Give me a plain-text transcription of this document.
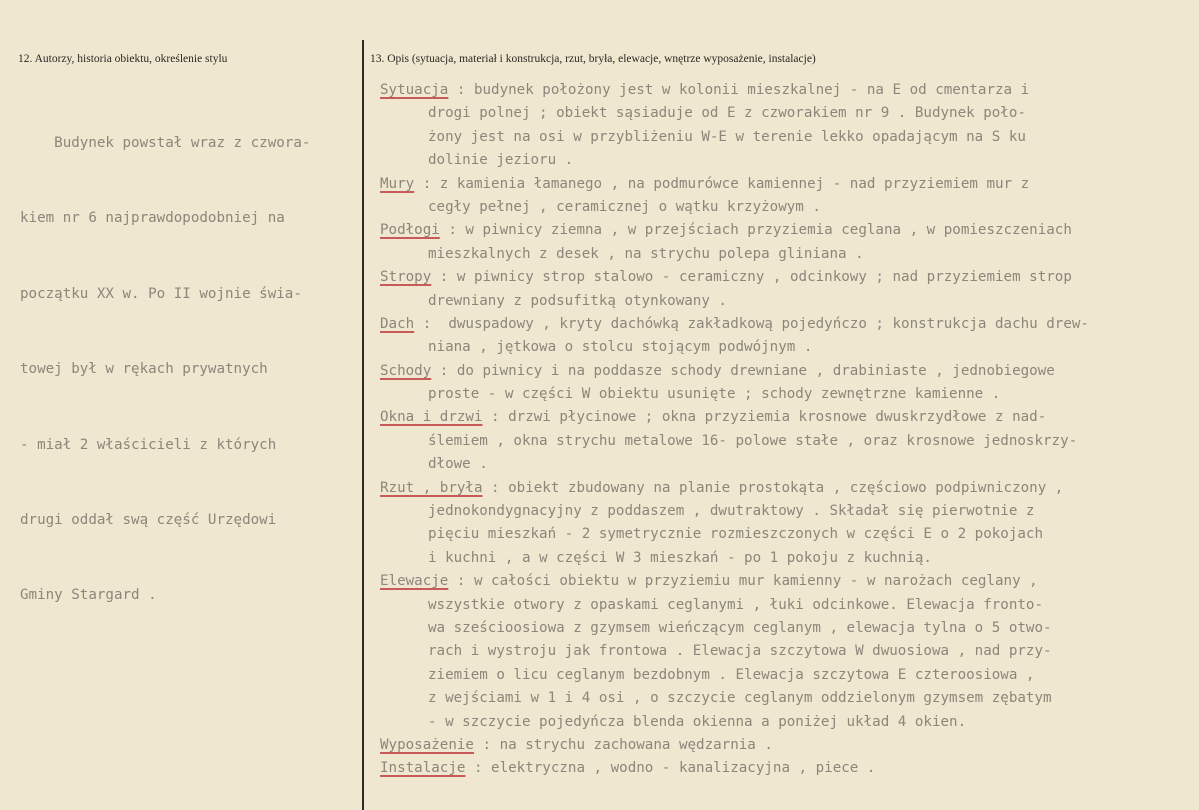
12. Autorzy, historia obiektu, określenie stylu	13. Opis (sytuacja, materiał i konstrukcja, rzut, bryła, elewacje, wnętrze wyposażenie, instalacje)

Budynek powstał wraz z czwora-

kiem nr 6 najprawdopodobniej na

początku XX w. Po II wojnie świa-

towej był w rękach prywatnych

- miał 2 właścicieli z których

drugi oddał swą część Urzędowi

Gminy Stargard .

Sytuacja : budynek położony jest w kolonii mieszkalnej - na E od cmentarza i
drogi polnej ; obiekt sąsiaduje od E z czworakiem nr 9 . Budynek poło-
żony jest na osi w przybliżeniu W-E w terenie lekko opadającym na S ku
dolinie jezioru .
Mury : z kamienia łamanego , na podmurówce kamiennej - nad przyziemiem mur z
cegły pełnej , ceramicznej o wątku krzyżowym .
Podłogi : w piwnicy ziemna , w przejściach przyziemia ceglana , w pomieszczeniach
mieszkalnych z desek , na strychu polepa gliniana .
Stropy : w piwnicy strop stalowo - ceramiczny , odcinkowy ; nad przyziemiem strop
drewniany z podsufitką otynkowany .
Dach :  dwuspadowy , kryty dachówką zakładkową pojedyńczo ; konstrukcja dachu drew-
niana , jętkowa o stolcu stojącym podwójnym .
Schody : do piwnicy i na poddasze schody drewniane , drabiniaste , jednobiegowe
proste - w części W obiektu usunięte ; schody zewnętrzne kamienne .
Okna i drzwi : drzwi płycinowe ; okna przyziemia krosnowe dwuskrzydłowe z nad-
ślemiem , okna strychu metalowe 16- polowe stałe , oraz krosnowe jednoskrzy-
dłowe .
Rzut , bryła : obiekt zbudowany na planie prostokąta , częściowo podpiwniczony ,
jednokondygnacyjny z poddaszem , dwutraktowy . Składał się pierwotnie z
pięciu mieszkań - 2 symetrycznie rozmieszczonych w części E o 2 pokojach
i kuchni , a w części W 3 mieszkań - po 1 pokoju z kuchnią.
Elewacje : w całości obiektu w przyziemiu mur kamienny - w narożach ceglany ,
wszystkie otwory z opaskami ceglanymi , łuki odcinkowe. Elewacja fronto-
wa sześcioosiowa z gzymsem wieńczącym ceglanym , elewacja tylna o 5 otwo-
rach i wystroju jak frontowa . Elewacja szczytowa W dwuosiowa , nad przy-
ziemiem o licu ceglanym bezdobnym . Elewacja szczytowa E czteroosiowa ,
z wejściami w 1 i 4 osi , o szczycie ceglanym oddzielonym gzymsem zębatym
- w szczycie pojedyńcza blenda okienna a poniżej układ 4 okien.
Wyposażenie : na strychu zachowana wędzarnia .
Instalacje : elektryczna , wodno - kanalizacyjna , piece .
